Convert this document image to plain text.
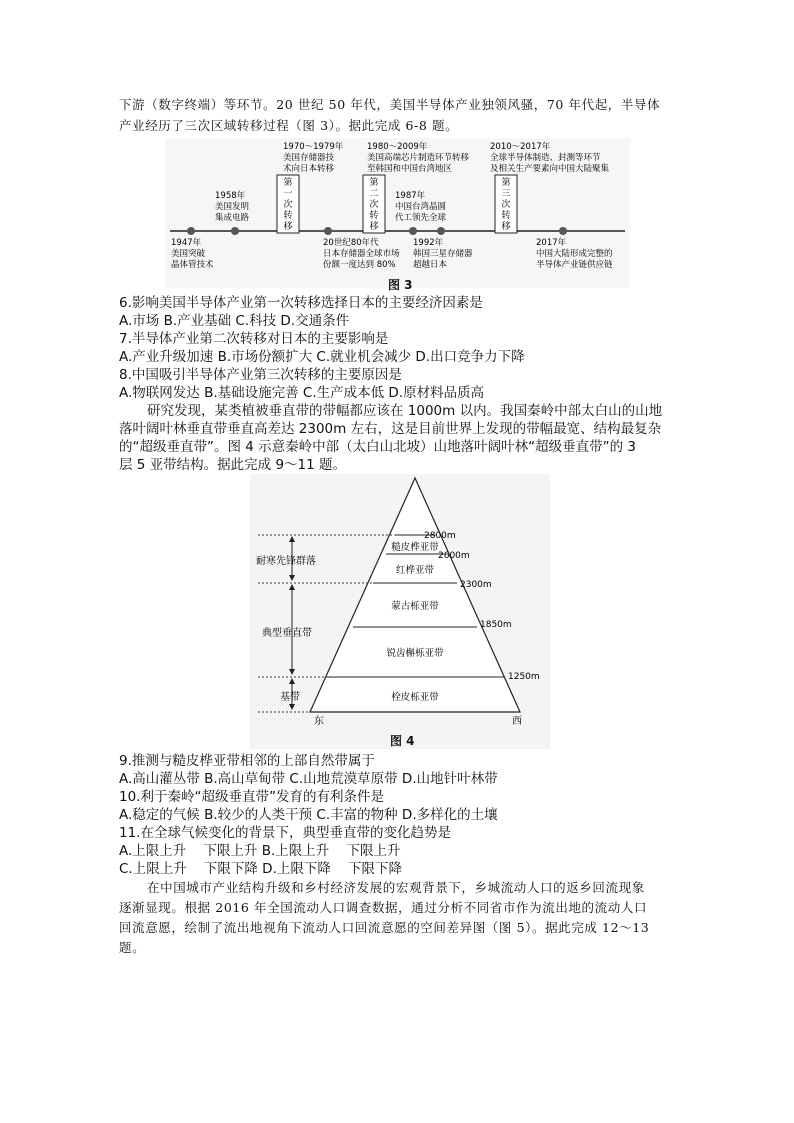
下游（数字终端）等环节。20 世纪 50 年代，美国半导体产业独领风骚，70 年代起，半导体
产业经历了三次区域转移过程（图 3）。据此完成 6-8 题。
第
一
次
转
移
第
二
次
转
移
第
三
次
转
移
1958年
美国发明
集成电路
1970～1979年
美国存储器技
术向日本转移
1980～2009年
美国高端芯片制造环节转移
至韩国和中国台湾地区
1987年
中国台湾晶圆
代工领先全球
2010～2017年
全球半导体制造、封测等环节
及相关生产要素向中国大陆聚集
1947年
美国突破
晶体管技术
20世纪80年代
日本存储器全球市场
份额一度达到 80%
1992年
韩国三星存储器
超越日本
2017年
中国大陆形成完整的
半导体产业链供应链
图 3
6.影响美国半导体产业第一次转移选择日本的主要经济因素是
A.市场 B.产业基础 C.科技 D.交通条件
7.半导体产业第二次转移对日本的主要影响是
A.产业升级加速 B.市场份额扩大 C.就业机会减少 D.出口竞争力下降
8.中国吸引半导体产业第三次转移的主要原因是
A.物联网发达 B.基础设施完善 C.生产成本低 D.原材料品质高
研究发现，某类植被垂直带的带幅都应该在 1000m 以内。我国秦岭中部太白山的山地
落叶阔叶林垂直带垂直高差达 2300m 左右，这是目前世界上发现的带幅最宽、结构最复杂
的“超级垂直带”。图 4 示意秦岭中部（太白山北坡）山地落叶阔叶林“超级垂直带”的 3
层 5 亚带结构。据此完成 9～11 题。
耐寒先锋群落
典型垂直带
基带
糙皮桦亚带
红桦亚带
蒙古栎亚带
锐齿槲栎亚带
栓皮栎亚带
2800m
2600m
2300m
1850m
1250m
东	西
图 4
9.推测与糙皮桦亚带相邻的上部自然带属于
A.高山灌丛带 B.高山草甸带 C.山地荒漠草原带 D.山地针叶林带
10.利于秦岭“超级垂直带”发育的有利条件是
A.稳定的气候 B.较少的人类干预 C.丰富的物种 D.多样化的土壤
11.在全球气候变化的背景下，典型垂直带的变化趋势是
A.上限上升    下限上升 B.上限上升    下限上升
C.上限上升    下限下降 D.上限下降    下限下降
在中国城市产业结构升级和乡村经济发展的宏观背景下，乡城流动人口的返乡回流现象
逐渐显现。根据 2016 年全国流动人口调查数据，通过分析不同省市作为流出地的流动人口
回流意愿，绘制了流出地视角下流动人口回流意愿的空间差异图（图 5）。据此完成 12～13
题。
